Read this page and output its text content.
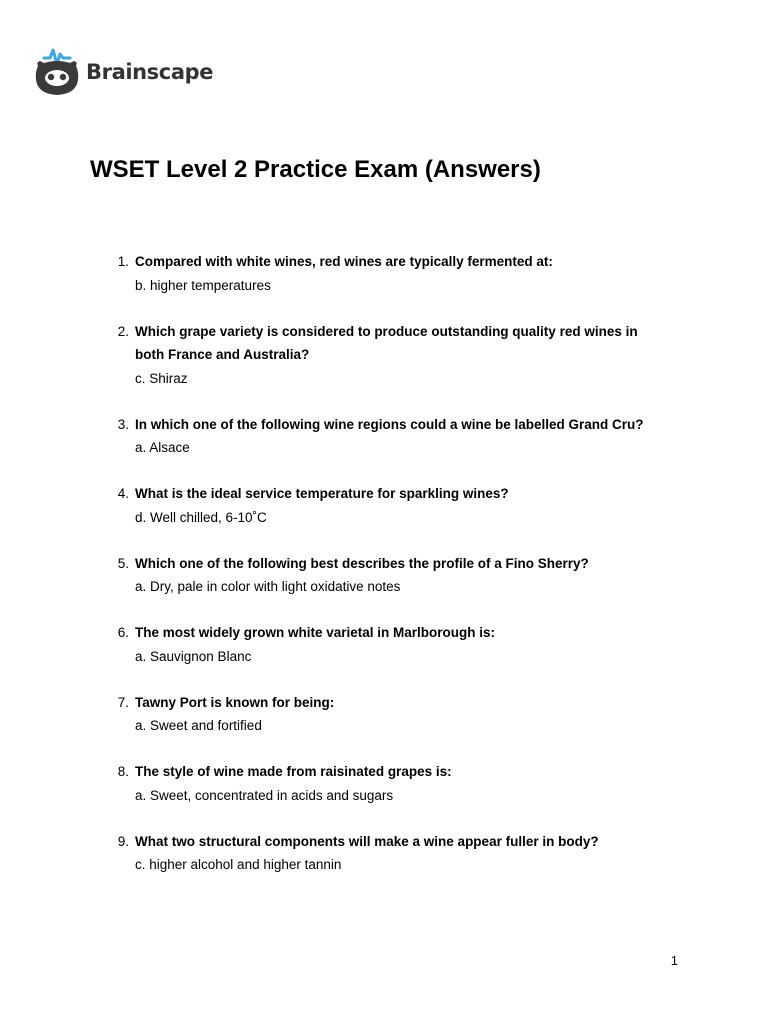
Brainscape
WSET Level 2 Practice Exam (Answers)
1. Compared with white wines, red wines are typically fermented at:

b. higher temperatures

2. Which grape variety is considered to produce outstanding quality red wines in both France and Australia?

c. Shiraz

3. In which one of the following wine regions could a wine be labelled Grand Cru?

a. Alsace

4. What is the ideal service temperature for sparkling wines?

d. Well chilled, 6-10˚C

5. Which one of the following best describes the profile of a Fino Sherry?

a. Dry, pale in color with light oxidative notes

6. The most widely grown white varietal in Marlborough is:

a. Sauvignon Blanc

7. Tawny Port is known for being:

a. Sweet and fortified

8. The style of wine made from raisinated grapes is:

a. Sweet, concentrated in acids and sugars

9. What two structural components will make a wine appear fuller in body?

c. higher alcohol and higher tannin

1
